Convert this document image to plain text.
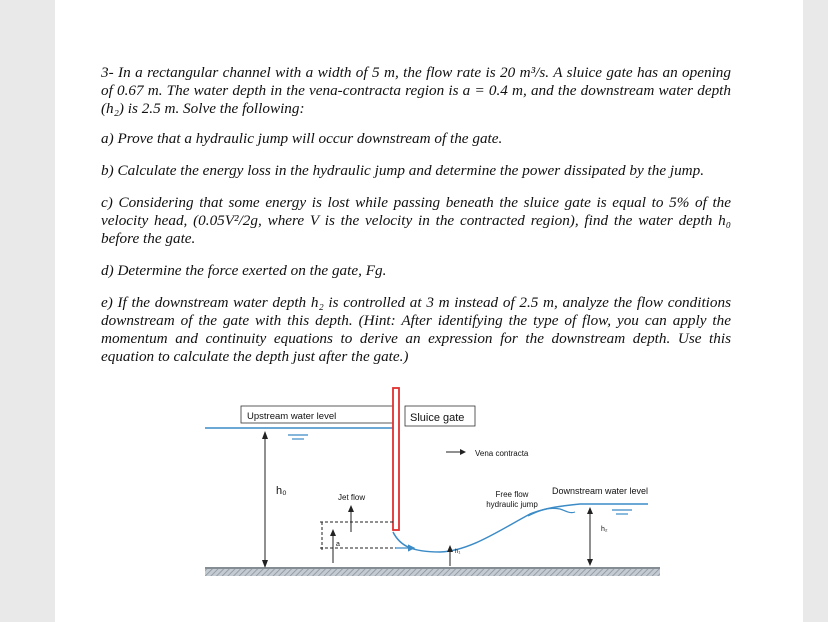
3- In a rectangular channel with a width of 5 m, the flow rate is 20 m³/s. A sluice gate has an opening of 0.67 m. The water depth in the vena-contracta region is a = 0.4 m, and the downstream water depth (h₂) is 2.5 m. Solve the following:
a) Prove that a hydraulic jump will occur downstream of the gate.
b) Calculate the energy loss in the hydraulic jump and determine the power dissipated by the jump.
c) Considering that some energy is lost while passing beneath the sluice gate is equal to 5% of the velocity head, (0.05V²/2g, where V is the velocity in the contracted region), find the water depth h₀ before the gate.
d) Determine the force exerted on the gate, Fg.
e) If the downstream water depth h₂ is controlled at 3 m instead of 2.5 m, analyze the flow conditions downstream of the gate with this depth. (Hint: After identifying the type of flow, you can apply the momentum and continuity equations to derive an expression for the downstream depth. Use this equation to calculate the depth just after the gate.)
Upstream water level	Sluice gate
Vena contracta
h₀
Jet flow
a
h₁
Free flow
hydraulic jump
Downstream water level
h₂
